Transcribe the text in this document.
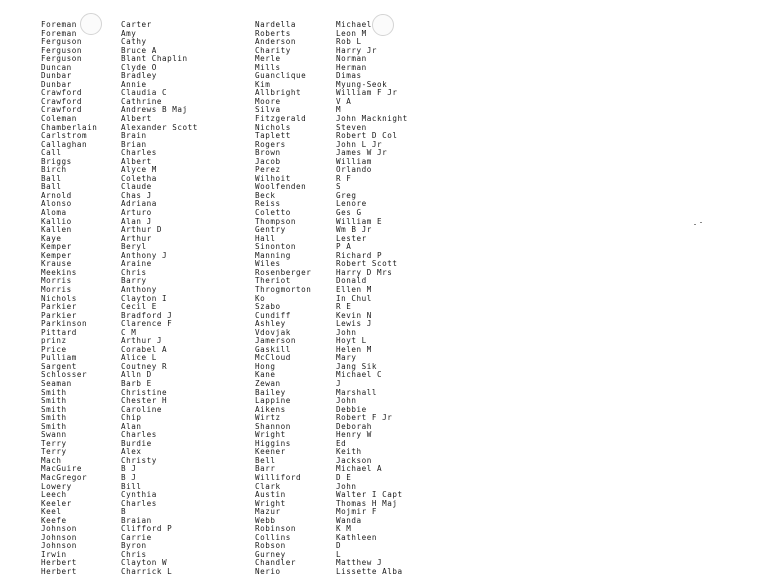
Foreman
Foreman
Ferguson
Ferguson
Ferguson
Duncan
Dunbar
Dunbar
Crawford
Crawford
Crawford
Coleman
Chamberlain
Carlstrom
Callaghan
Call
Briggs
Birch
Ball
Ball
Arnold
Alonso
Aloma
Kallio
Kallen
Kaye
Kemper
Kemper
Krause
Meekins
Morris
Morris
Nichols
Parkier
Parkier
Parkinson
Pittard
prinz
Price
Pulliam
Sargent
Schlosser
Seaman
Smith
Smith
Smith
Smith
Smith
Swann
Terry
Terry
Mach
MacGuire
MacGregor
Lowery
Leech
Keeler
Keel
Keefe
Johnson
Johnson
Johnson
Irwin
Herbert
Herbert
Carter
Amy
Cathy
Bruce A
Blant Chaplin
Clyde O
Bradley
Annie
Claudia C
Cathrine
Andrews B Maj
Albert
Alexander Scott
Brain
Brian
Charles
Albert
Alyce M
Coletha
Claude
Chas J
Adriana
Arturo
Alan J
Arthur D
Arthur
Beryl
Anthony J
Araine
Chris
Barry
Anthony
Clayton I
Cecil E
Bradford J
Clarence F
C M
Arthur J
Corabel A
Alice L
Coutney R
Alln D
Barb E
Christine
Chester H
Caroline
Chip
Alan
Charles
Burdie
Alex
Christy
B J
B J
Bill
Cynthia
Charles
B
Braian
Clifford P
Carrie
Byron
Chris
Clayton W
Charrick L
Nardella
Roberts
Anderson
Charity
Merle
Mills
Guanclique
Kim
Allbright
Moore
Silva
Fitzgerald
Nichols
Taplett
Rogers
Brown
Jacob
Perez
Wilhoit
Woolfenden
Beck
Reiss
Coletto
Thompson
Gentry
Hall
Sinonton
Manning
Wiles
Rosenberger
Theriot
Throgmorton
Ko
Szabo
Cundiff
Ashley
Vdovjak
Jamerson
Gaskill
McCloud
Hong
Kane
Zewan
Bailey
Lappine
Aikens
Wirtz
Shannon
Wright
Higgins
Keener
Bell
Barr
Williford
Clark
Austin
Wright
Mazur
Webb
Robinson
Collins
Robson
Gurney
Chandler
Nerio
Michael
Leon M
Rob L
Harry Jr
Norman
Herman
Dimas
Myung-Seok
William F Jr
V A
M
John Macknight
Steven
Robert D Col
John L Jr
James W Jr
William
Orlando
R F
S
Greg
Lenore
Ges G
William E
Wm B Jr
Lester
P A
Richard P
Robert Scott
Harry D Mrs
Donald
Ellen M
In Chul
R E
Kevin N
Lewis J
John
Hoyt L
Helen M
Mary
Jang Sik
Michael C
J
Marshall
John
Debbie
Robert F Jr
Deborah
Henry W
Ed
Keith
Jackson
Michael A
D E
John
Walter I Capt
Thomas H Maj
Mojmir F
Wanda
K M
Kathleen
D
L
Matthew J
Lissette Alba
